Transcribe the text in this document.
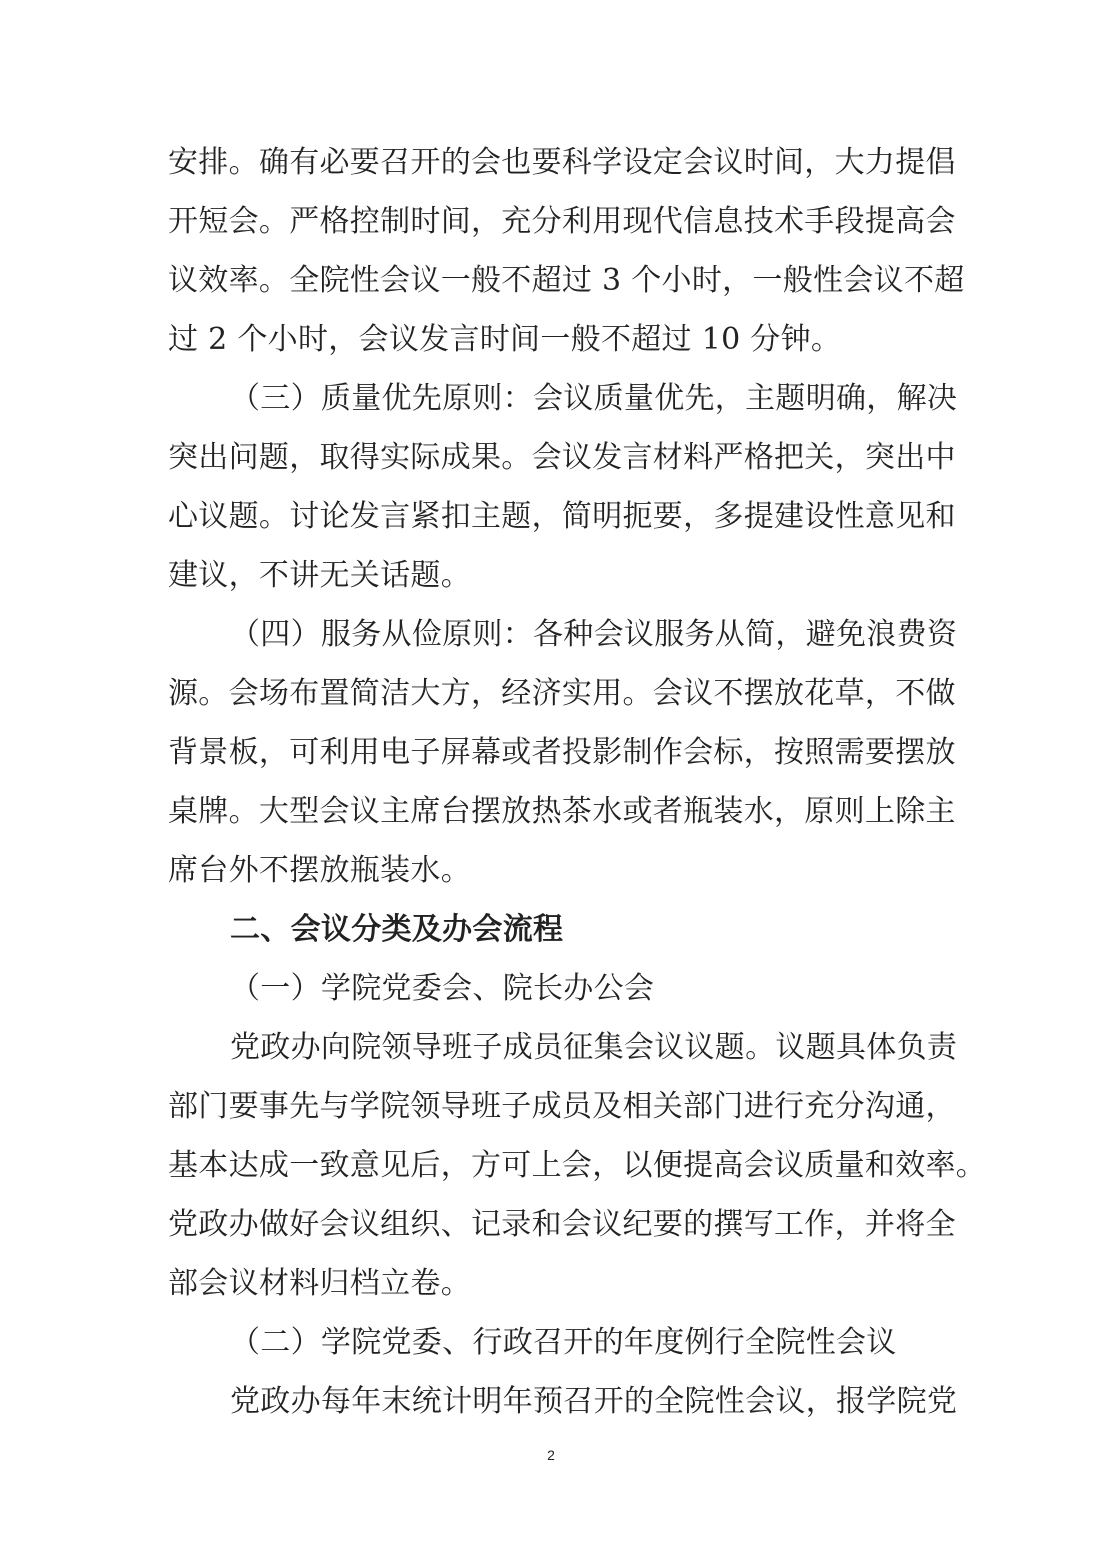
安排。确有必要召开的会也要科学设定会议时间，大力提倡
开短会。严格控制时间，充分利用现代信息技术手段提高会
议效率。全院性会议一般不超过 3 个小时，一般性会议不超
过 2 个小时，会议发言时间一般不超过 10 分钟。
（三）质量优先原则：会议质量优先，主题明确，解决
突出问题，取得实际成果。会议发言材料严格把关，突出中
心议题。讨论发言紧扣主题，简明扼要，多提建设性意见和
建议，不讲无关话题。
（四）服务从俭原则：各种会议服务从简，避免浪费资
源。会场布置简洁大方，经济实用。会议不摆放花草，不做
背景板，可利用电子屏幕或者投影制作会标，按照需要摆放
桌牌。大型会议主席台摆放热茶水或者瓶装水，原则上除主
席台外不摆放瓶装水。
二、会议分类及办会流程
（一）学院党委会、院长办公会
党政办向院领导班子成员征集会议议题。议题具体负责
部门要事先与学院领导班子成员及相关部门进行充分沟通，
基本达成一致意见后，方可上会，以便提高会议质量和效率。
党政办做好会议组织、记录和会议纪要的撰写工作，并将全
部会议材料归档立卷。
（二）学院党委、行政召开的年度例行全院性会议
党政办每年末统计明年预召开的全院性会议，报学院党
2
